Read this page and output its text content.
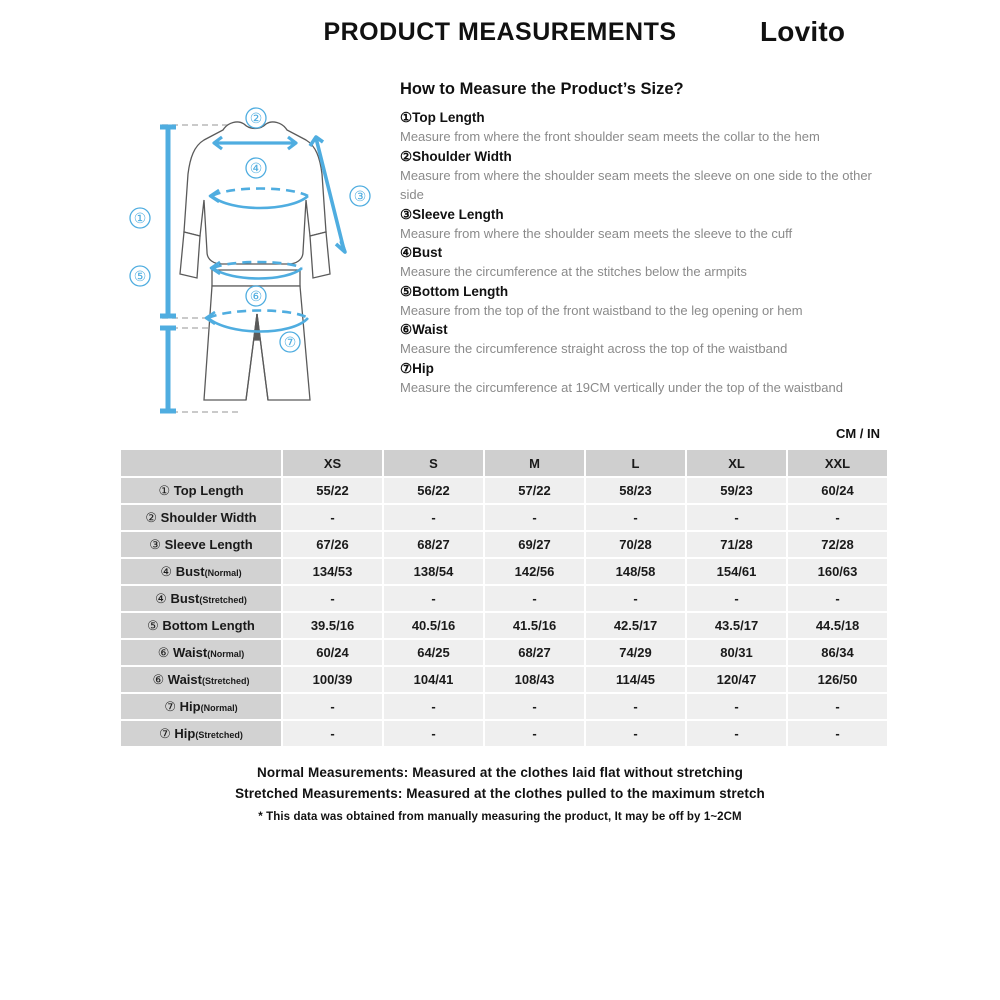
PRODUCT MEASUREMENTS	Lovito
①
②
③
④
⑤
⑥
⑦
How to Measure the Product’s Size?
①Top Length
Measure from where the front shoulder seam meets the collar to the hem
②Shoulder Width
Measure from where the shoulder seam meets the sleeve on one side to the other side
③Sleeve Length
Measure from where the shoulder seam meets the sleeve to the cuff
④Bust
Measure the circumference at the stitches below the armpits
⑤Bottom Length
Measure from the top of the front waistband to the leg opening or hem
⑥Waist
Measure the circumference straight across the top of the waistband
⑦Hip
Measure the circumference at 19CM vertically under the top of the waistband
CM / IN
	XS	S	M	L	XL	XXL
① Top Length	55/22	56/22	57/22	58/23	59/23	60/24
② Shoulder Width	-	-	-	-	-	-
③ Sleeve Length	67/26	68/27	69/27	70/28	71/28	72/28
④ Bust(Normal)	134/53	138/54	142/56	148/58	154/61	160/63
④ Bust(Stretched)	-	-	-	-	-	-
⑤ Bottom Length	39.5/16	40.5/16	41.5/16	42.5/17	43.5/17	44.5/18
⑥ Waist(Normal)	60/24	64/25	68/27	74/29	80/31	86/34
⑥ Waist(Stretched)	100/39	104/41	108/43	114/45	120/47	126/50
⑦ Hip(Normal)	-	-	-	-	-	-
⑦ Hip(Stretched)	-	-	-	-	-	-
Normal Measurements: Measured at the clothes laid flat without stretching
Stretched Measurements: Measured at the clothes pulled to the maximum stretch
* This data was obtained from manually measuring the product, It may be off by 1~2CM
